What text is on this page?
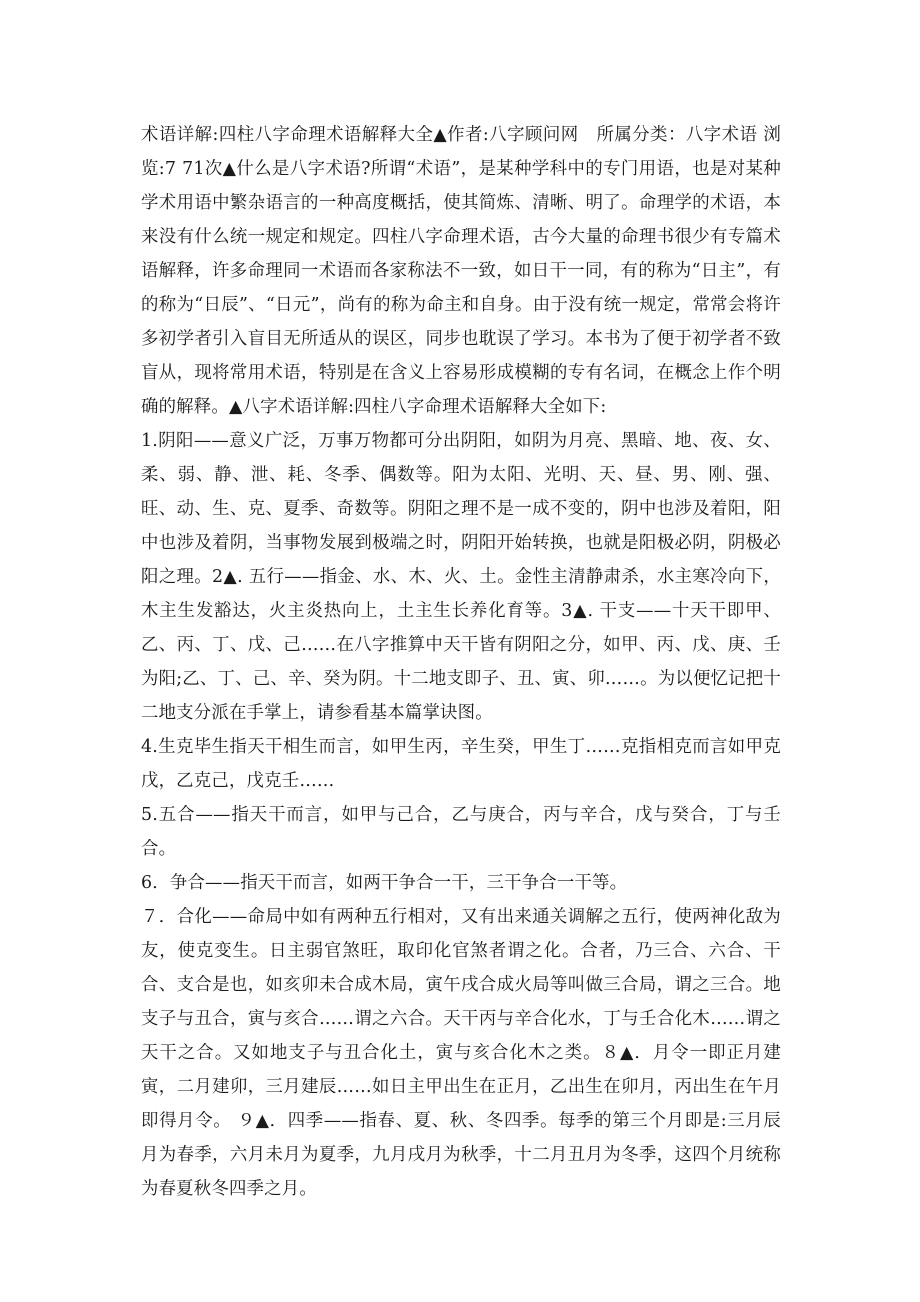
术语详解:四柱八字命理术语解释大全▲作者:八字顾问网　所属分类：八字术语 浏览:7 71次▲什么是八字术语?所谓“术语”，是某种学科中的专门用语，也是对某种学术用语中繁杂语言的一种高度概括，使其简炼、清晰、明了。命理学的术语，本来没有什么统一规定和规定。四柱八字命理术语，古今大量的命理书很少有专篇术语解释，许多命理同一术语而各家称法不一致，如日干一同，有的称为“日主”，有的称为“日辰”、“日元”，尚有的称为命主和自身。由于没有统一规定，常常会将许多初学者引入盲目无所适从的误区，同步也耽误了学习。本书为了便于初学者不致盲从，现将常用术语，特别是在含义上容易形成模糊的专有名词，在概念上作个明确的解释。▲八字术语详解:四柱八字命理术语解释大全如下:

1.阴阳——意义广泛，万事万物都可分出阴阳，如阴为月亮、黑暗、地、夜、女、柔、弱、静、泄、耗、冬季、偶数等。阳为太阳、光明、天、昼、男、刚、强、旺、动、生、克、夏季、奇数等。阴阳之理不是一成不变的，阴中也涉及着阳，阳中也涉及着阴，当事物发展到极端之时，阴阳开始转换，也就是阳极必阴，阴极必阳之理。2▲. 五行——指金、水、木、火、土。金性主清静肃杀，水主寒冷向下，木主生发豁达，火主炎热向上，土主生长养化育等。3▲. 干支——十天干即甲、乙、丙、丁、戊、己……在八字推算中天干皆有阴阳之分，如甲、丙、戊、庚、壬为阳;乙、丁、己、辛、癸为阴。十二地支即子、丑、寅、卯……。为以便忆记把十二地支分派在手掌上，请参看基本篇掌诀图。

4.生克毕生指天干相生而言，如甲生丙，辛生癸，甲生丁……克指相克而言如甲克戊，乙克己，戊克壬……

5.五合——指天干而言，如甲与己合，乙与庚合，丙与辛合，戊与癸合，丁与壬合。

6．争合——指天干而言，如两干争合一干，三干争合一干等。

７．合化——命局中如有两种五行相对，又有出来通关调解之五行，使两神化敌为友，使克变生。日主弱官煞旺，取印化官煞者谓之化。合者，乃三合、六合、干合、支合是也，如亥卯未合成木局，寅午戌合成火局等叫做三合局，谓之三合。地支子与丑合，寅与亥合……谓之六合。天干丙与辛合化水，丁与壬合化木……谓之天干之合。又如地支子与丑合化土，寅与亥合化木之类。８▲．月令一即正月建寅，二月建卯，三月建辰……如日主甲出生在正月，乙出生在卯月，丙出生在午月即得月令。 ９▲．四季——指春、夏、秋、冬四季。每季的第三个月即是:三月辰月为春季，六月未月为夏季，九月戌月为秋季，十二月丑月为冬季，这四个月统称为春夏秋冬四季之月。
